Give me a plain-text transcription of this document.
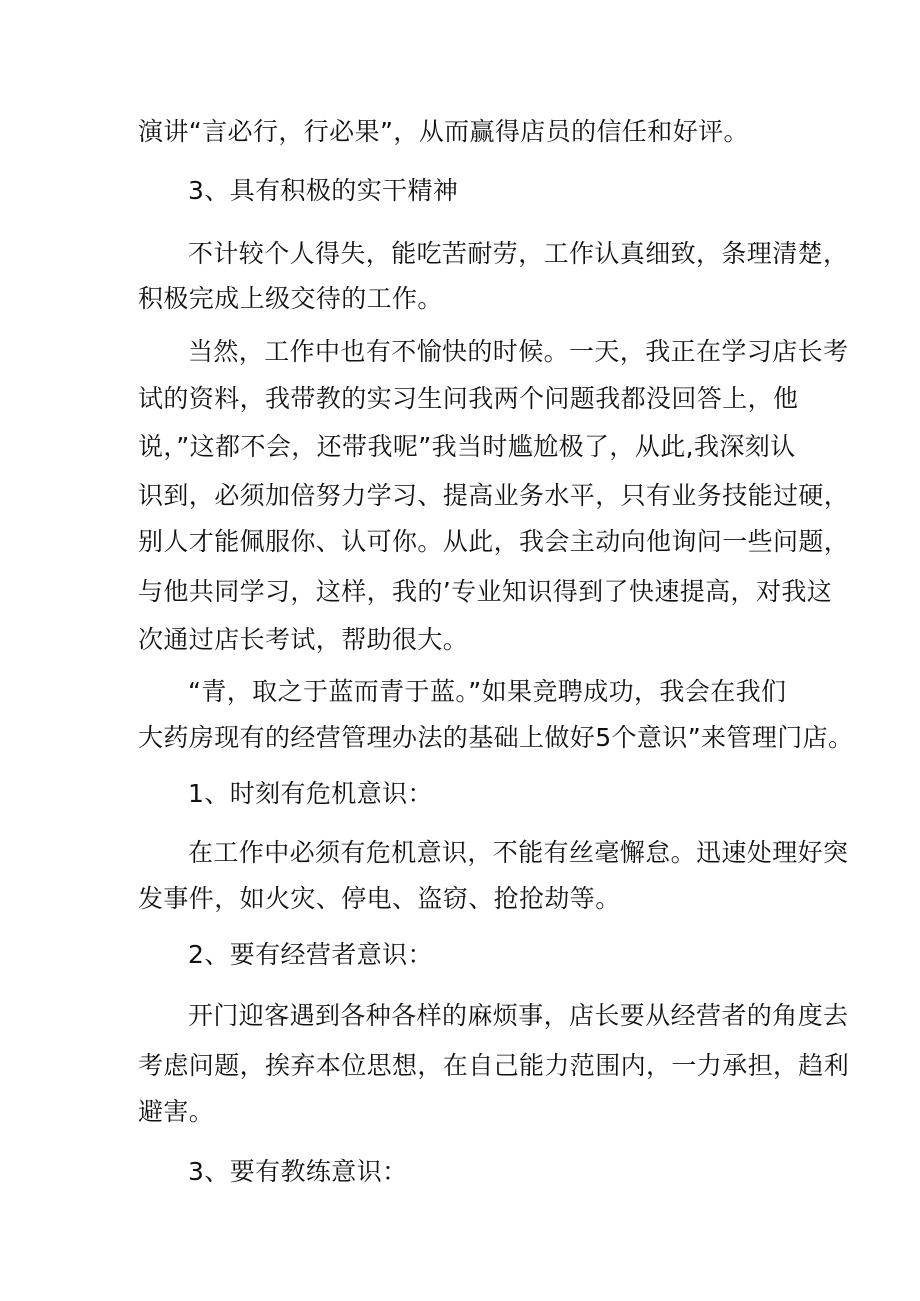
演讲“言必行，行必果”，从而赢得店员的信任和好评。
3、具有积极的实干精神
不计较个人得失，能吃苦耐劳，工作认真细致，条理清楚，
积极完成上级交待的工作。
当然，工作中也有不愉快的时候。一天，我正在学习店长考
试的资料，我带教的实习生问我两个问题我都没回答上，他
说，”这都不会，还带我呢”我当时尴尬极了，从此,我深刻认
识到，必须加倍努力学习、提高业务水平，只有业务技能过硬，
别人才能佩服你、认可你。从此，我会主动向他询问一些问题，
与他共同学习，这样，我的’专业知识得到了快速提高，对我这
次通过店长考试，帮助很大。
“青，取之于蓝而青于蓝。”如果竞聘成功，我会在我们
大药房现有的经营管理办法的基础上做好5个意识”来管理门店。
1、时刻有危机意识：
在工作中必须有危机意识，不能有丝毫懈怠。迅速处理好突
发事件，如火灾、停电、盗窃、抢抢劫等。
2、要有经营者意识：
开门迎客遇到各种各样的麻烦事，店长要从经营者的角度去
考虑问题，挨弃本位思想，在自己能力范围内，一力承担，趋利
避害。
3、要有教练意识：
